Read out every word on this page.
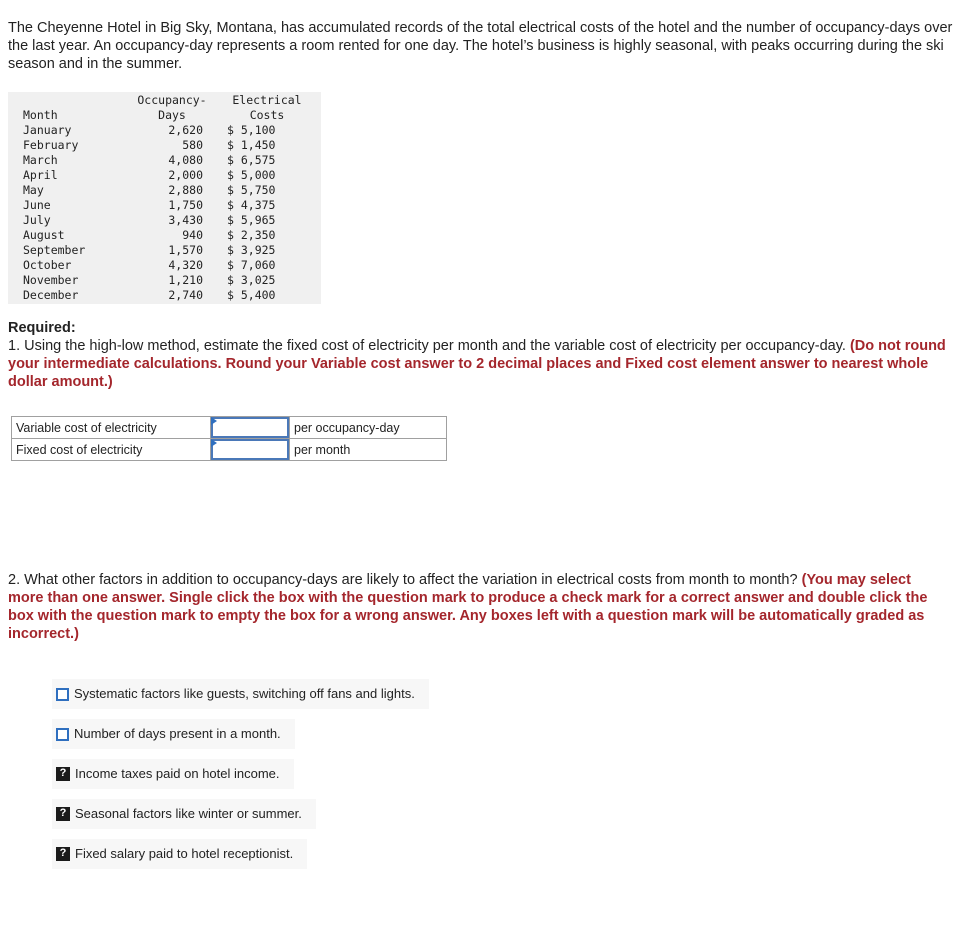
The Cheyenne Hotel in Big Sky, Montana, has accumulated records of the total electrical costs of the hotel and the number of occupancy-days over the last year. An occupancy-day represents a room rented for one day. The hotel’s business is highly seasonal, with peaks occurring during the ski season and in the summer.
	Occupancy-	Electrical
Month	Days	Costs
January	2,620	$ 5,100
February	580	$ 1,450
March	4,080	$ 6,575
April	2,000	$ 5,000
May	2,880	$ 5,750
June	1,750	$ 4,375
July	3,430	$ 5,965
August	940	$ 2,350
September	1,570	$ 3,925
October	4,320	$ 7,060
November	1,210	$ 3,025
December	2,740	$ 5,400
Required:
1. Using the high-low method, estimate the fixed cost of electricity per month and the variable cost of electricity per occupancy-day. (Do not round your intermediate calculations. Round your Variable cost answer to 2 decimal places and Fixed cost element answer to nearest whole dollar amount.)
Variable cost of electricity		per occupancy-day
Fixed cost of electricity		per month
2. What other factors in addition to occupancy-days are likely to affect the variation in electrical costs from month to month? (You may select more than one answer. Single click the box with the question mark to produce a check mark for a correct answer and double click the box with the question mark to empty the box for a wrong answer. Any boxes left with a question mark will be automatically graded as incorrect.)
Systematic factors like guests, switching off fans and lights.
Number of days present in a month.
? Income taxes paid on hotel income.
? Seasonal factors like winter or summer.
? Fixed salary paid to hotel receptionist.
